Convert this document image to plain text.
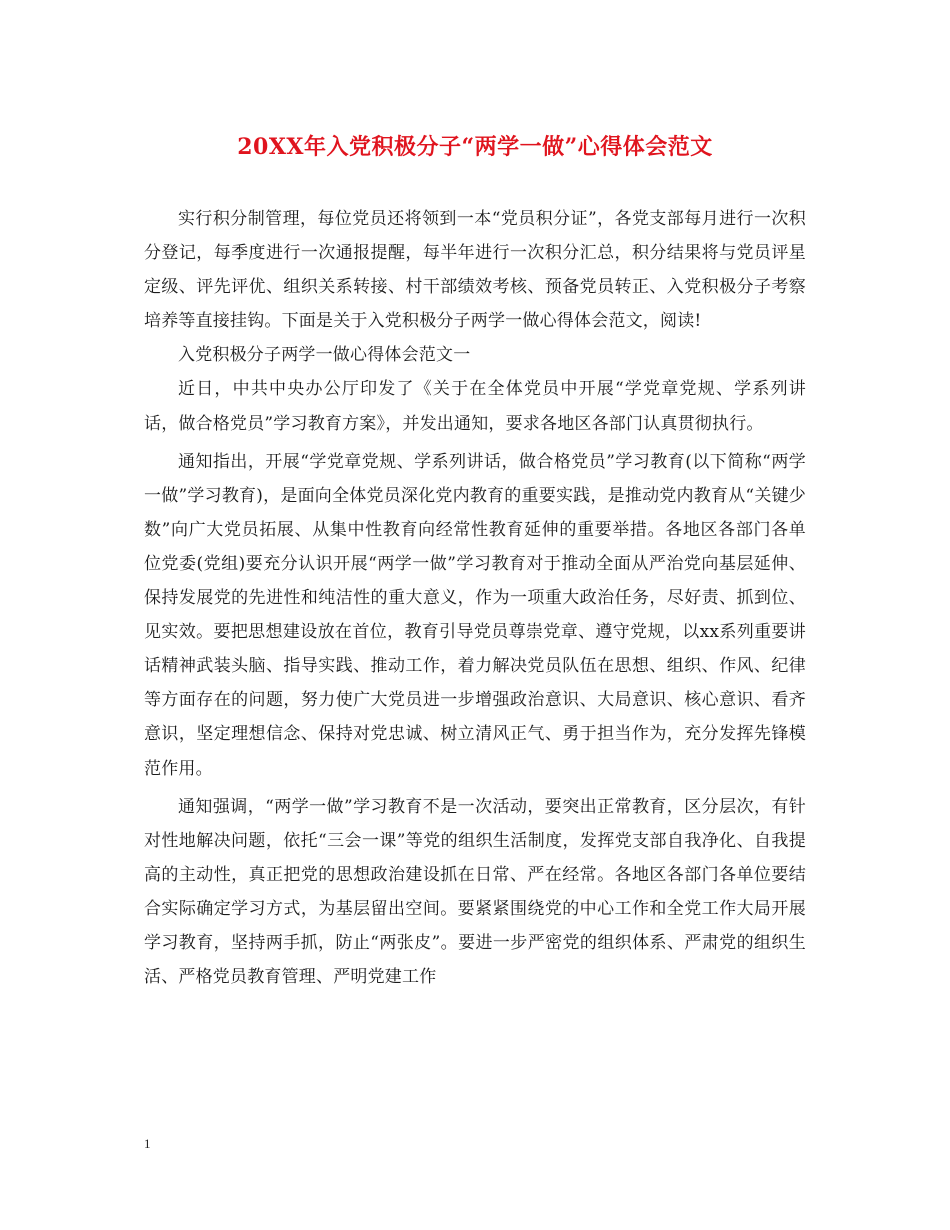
20XX年入党积极分子“两学一做”心得体会范文

实行积分制管理，每位党员还将领到一本“党员积分证”，各党支部每月进行一次积分登记，每季度进行一次通报提醒，每半年进行一次积分汇总，积分结果将与党员评星定级、评先评优、组织关系转接、村干部绩效考核、预备党员转正、入党积极分子考察培养等直接挂钩。下面是关于入党积极分子两学一做心得体会范文，阅读!

入党积极分子两学一做心得体会范文一

近日，中共中央办公厅印发了《关于在全体党员中开展“学党章党规、学系列讲话，做合格党员”学习教育方案》，并发出通知，要求各地区各部门认真贯彻执行。

通知指出，开展“学党章党规、学系列讲话，做合格党员”学习教育(以下简称“两学一做”学习教育)，是面向全体党员深化党内教育的重要实践，是推动党内教育从“关键少数”向广大党员拓展、从集中性教育向经常性教育延伸的重要举措。各地区各部门各单位党委(党组)要充分认识开展“两学一做”学习教育对于推动全面从严治党向基层延伸、保持发展党的先进性和纯洁性的重大意义，作为一项重大政治任务，尽好责、抓到位、见实效。要把思想建设放在首位，教育引导党员尊崇党章、遵守党规，以xx系列重要讲话精神武装头脑、指导实践、推动工作，着力解决党员队伍在思想、组织、作风、纪律等方面存在的问题，努力使广大党员进一步增强政治意识、大局意识、核心意识、看齐意识，坚定理想信念、保持对党忠诚、树立清风正气、勇于担当作为，充分发挥先锋模范作用。

通知强调，“两学一做”学习教育不是一次活动，要突出正常教育，区分层次，有针对性地解决问题，依托“三会一课”等党的组织生活制度，发挥党支部自我净化、自我提高的主动性，真正把党的思想政治建设抓在日常、严在经常。各地区各部门各单位要结合实际确定学习方式，为基层留出空间。要紧紧围绕党的中心工作和全党工作大局开展学习教育，坚持两手抓，防止“两张皮”。要进一步严密党的组织体系、严肃党的组织生活、严格党员教育管理、严明党建工作

1
